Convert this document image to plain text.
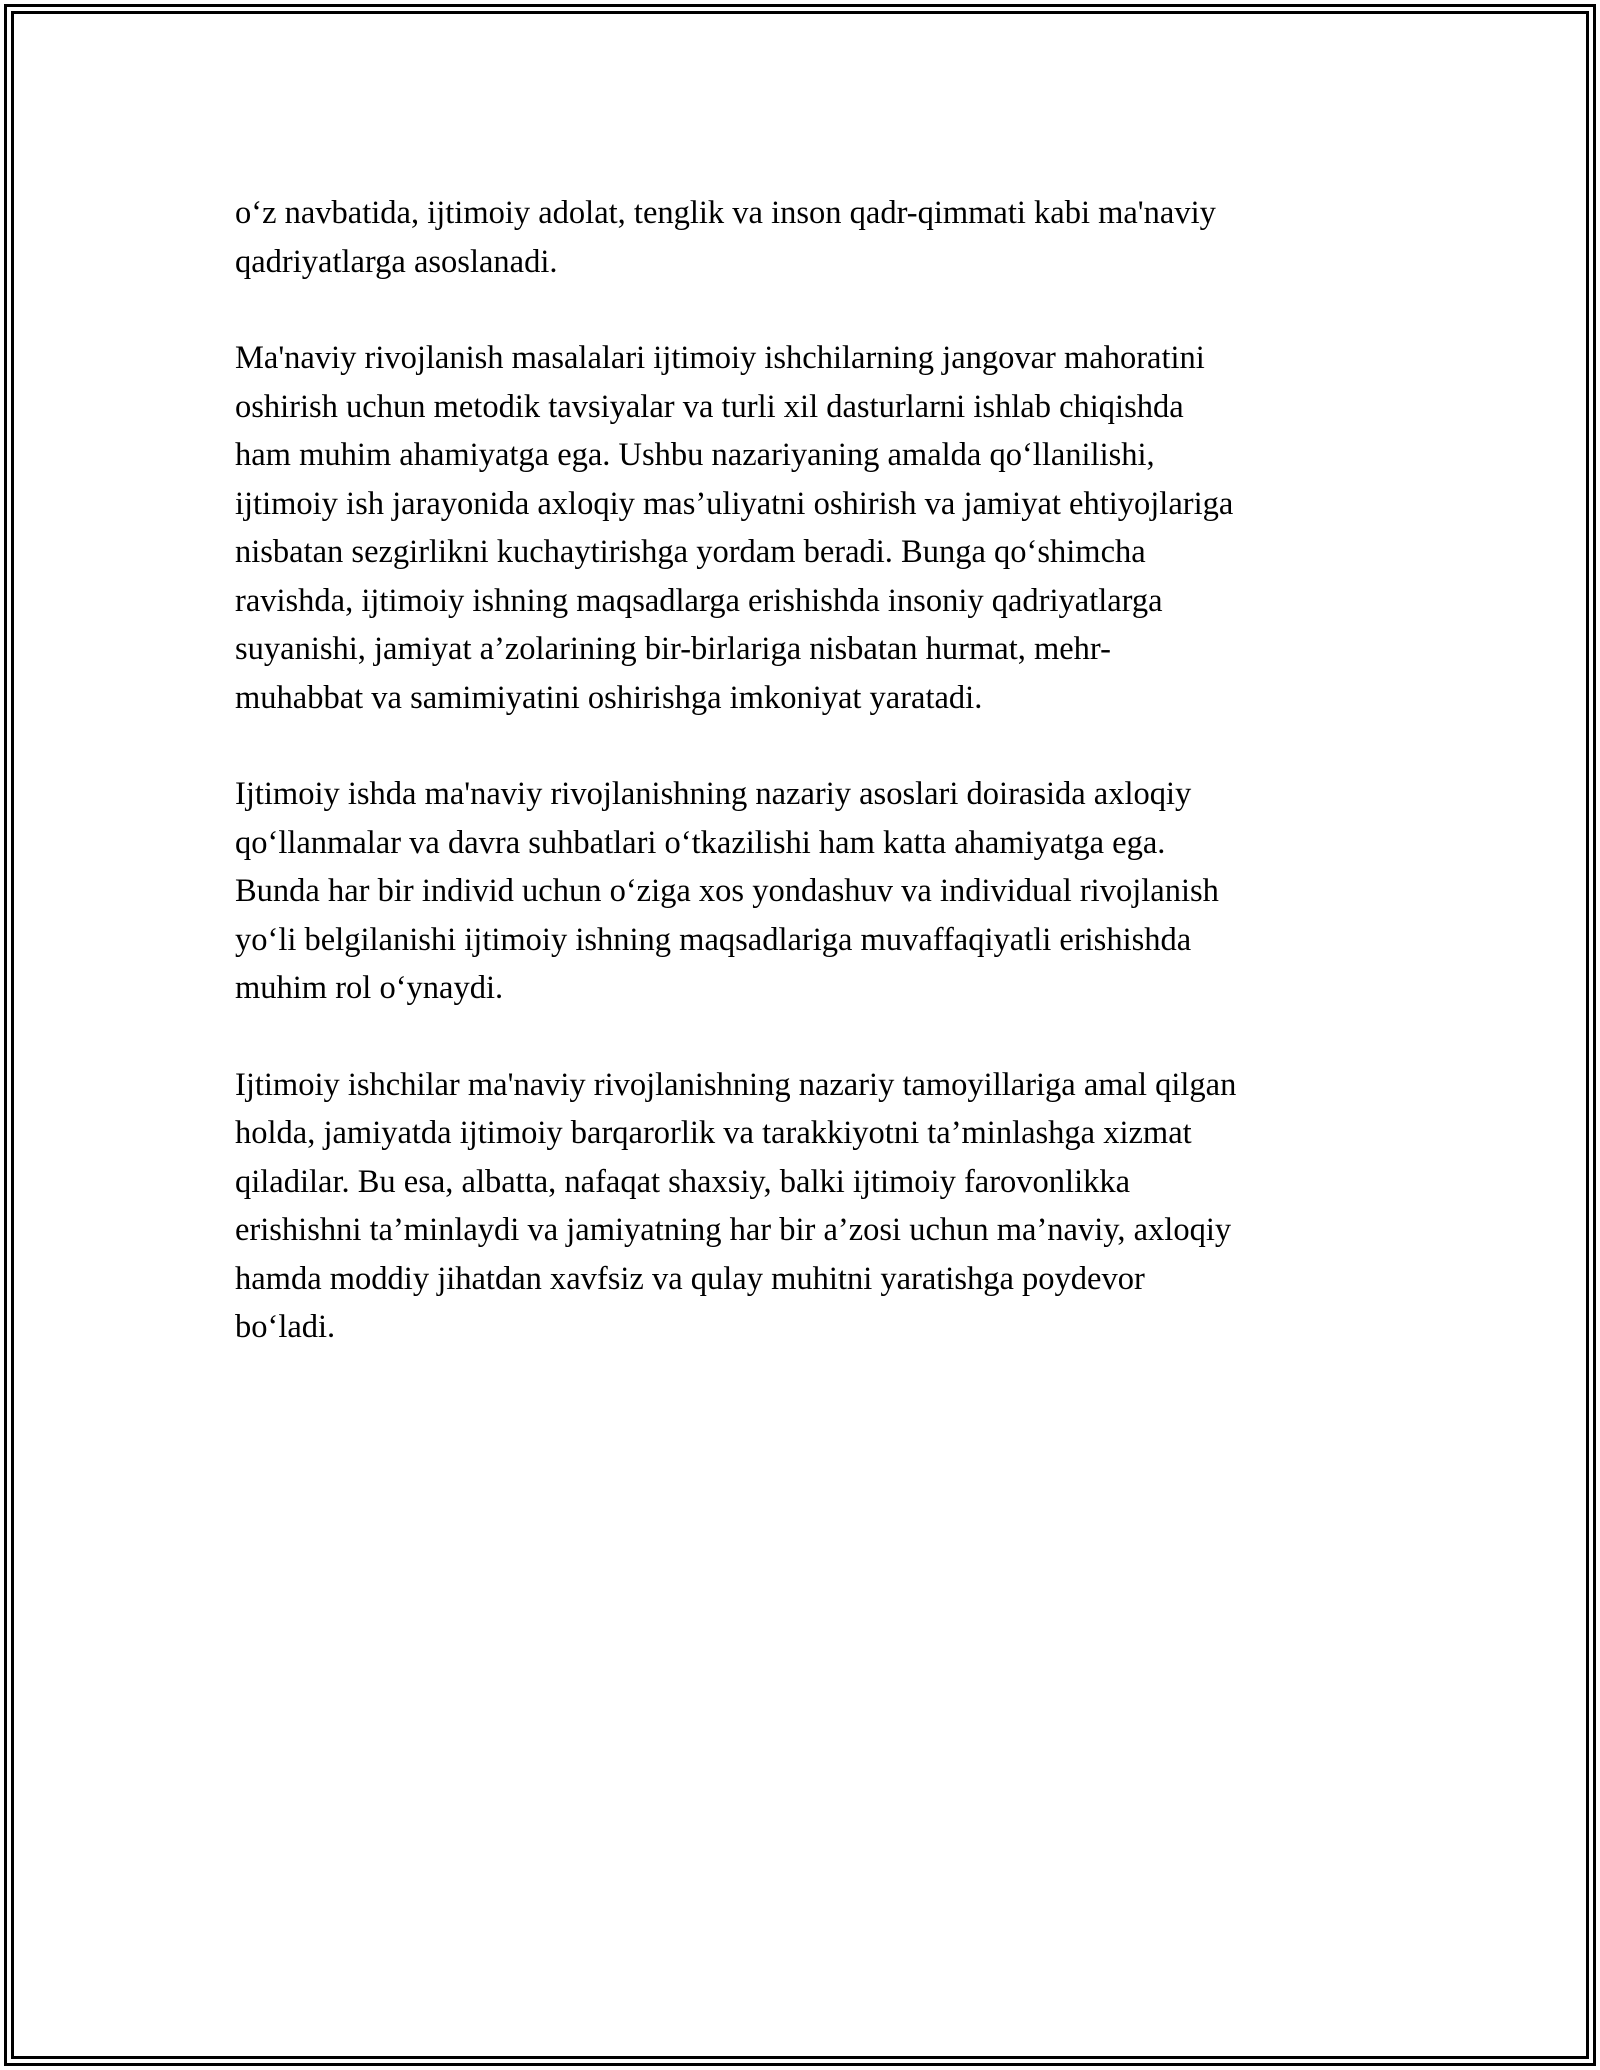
o‘z navbatida, ijtimoiy adolat, tenglik va inson qadr-qimmati kabi ma'naviy
qadriyatlarga asoslanadi.

Ma'naviy rivojlanish masalalari ijtimoiy ishchilarning jangovar mahoratini
oshirish uchun metodik tavsiyalar va turli xil dasturlarni ishlab chiqishda
ham muhim ahamiyatga ega. Ushbu nazariyaning amalda qo‘llanilishi,
ijtimoiy ish jarayonida axloqiy mas’uliyatni oshirish va jamiyat ehtiyojlariga
nisbatan sezgirlikni kuchaytirishga yordam beradi. Bunga qo‘shimcha
ravishda, ijtimoiy ishning maqsadlarga erishishda insoniy qadriyatlarga
suyanishi, jamiyat a’zolarining bir-birlariga nisbatan hurmat, mehr-
muhabbat va samimiyatini oshirishga imkoniyat yaratadi.

Ijtimoiy ishda ma'naviy rivojlanishning nazariy asoslari doirasida axloqiy
qo‘llanmalar va davra suhbatlari o‘tkazilishi ham katta ahamiyatga ega.
Bunda har bir individ uchun o‘ziga xos yondashuv va individual rivojlanish
yo‘li belgilanishi ijtimoiy ishning maqsadlariga muvaffaqiyatli erishishda
muhim rol o‘ynaydi.

Ijtimoiy ishchilar ma'naviy rivojlanishning nazariy tamoyillariga amal qilgan
holda, jamiyatda ijtimoiy barqarorlik va tarakkiyotni ta’minlashga xizmat
qiladilar. Bu esa, albatta, nafaqat shaxsiy, balki ijtimoiy farovonlikka
erishishni ta’minlaydi va jamiyatning har bir a’zosi uchun ma’naviy, axloqiy
hamda moddiy jihatdan xavfsiz va qulay muhitni yaratishga poydevor
bo‘ladi.
